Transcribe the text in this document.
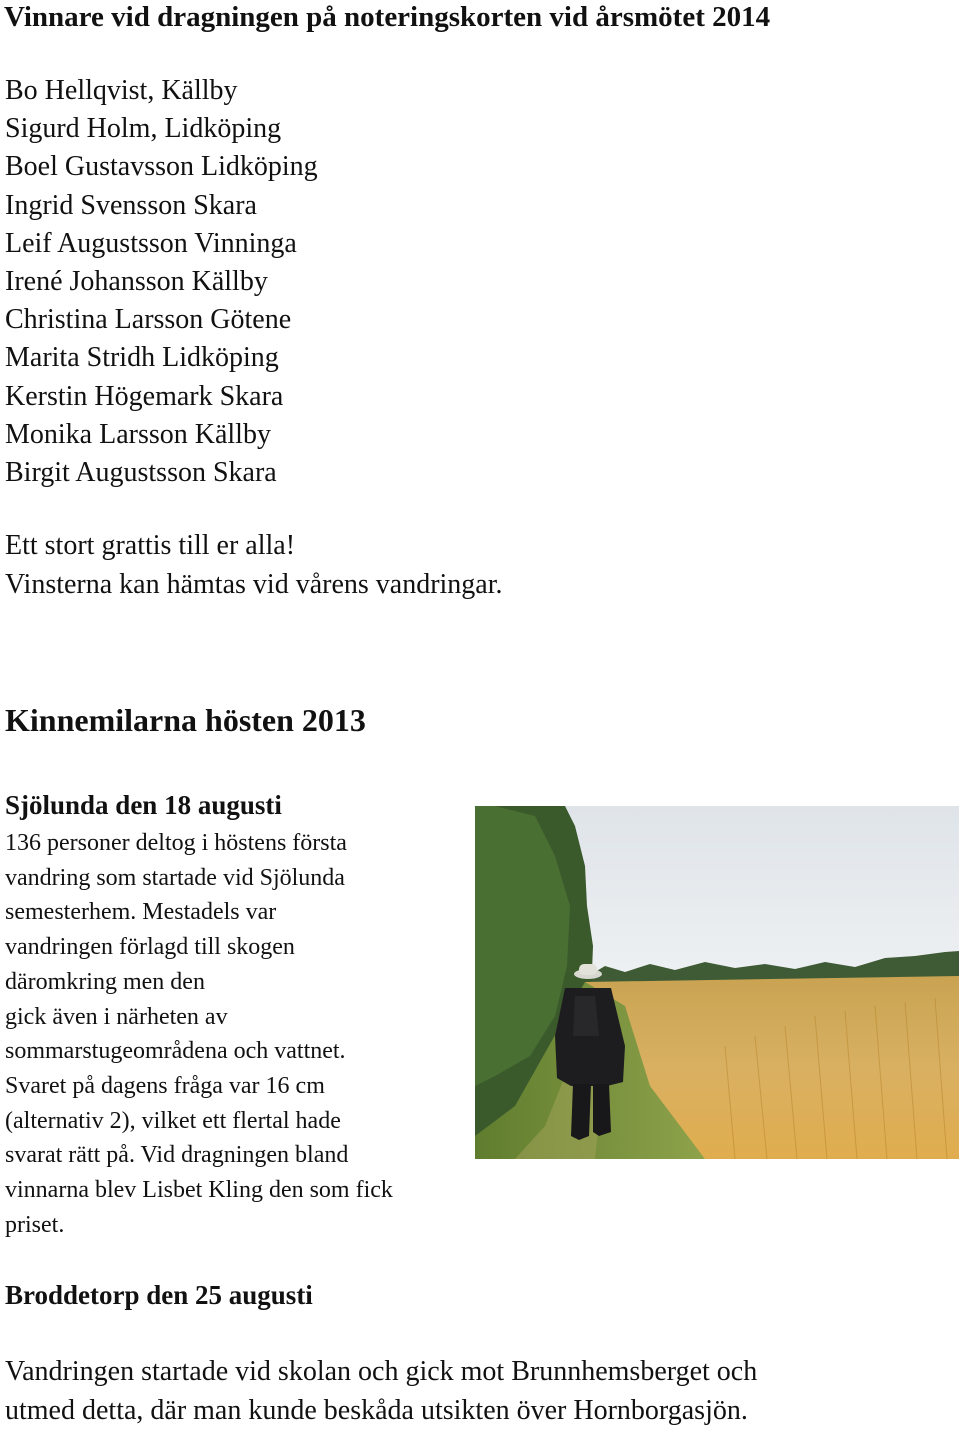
Vinnare vid dragningen på noteringskorten vid årsmötet 2014
Bo Hellqvist, Källby
Sigurd Holm, Lidköping
Boel Gustavsson Lidköping
Ingrid Svensson Skara
Leif Augustsson Vinninga
Irené Johansson Källby
Christina Larsson Götene
Marita Stridh Lidköping
Kerstin Högemark Skara
Monika Larsson Källby
Birgit Augustsson Skara
Ett stort grattis till er alla!
Vinsterna kan hämtas vid vårens vandringar.
Kinnemilarna hösten 2013
Sjölunda den 18 augusti
136 personer deltog i höstens första
vandring som startade vid Sjölunda
semesterhem. Mestadels var
vandringen förlagd till skogen
däromkring men den
gick även i närheten av
sommarstugeområdena och vattnet.
Svaret på dagens fråga var 16 cm
(alternativ 2), vilket ett flertal hade
svarat rätt på. Vid dragningen bland
vinnarna blev Lisbet Kling den som fick
priset.
Broddetorp den 25 augusti
Vandringen startade vid skolan och gick mot Brunnhemsberget och
utmed detta, där man kunde beskåda utsikten över Hornborgasjön.
